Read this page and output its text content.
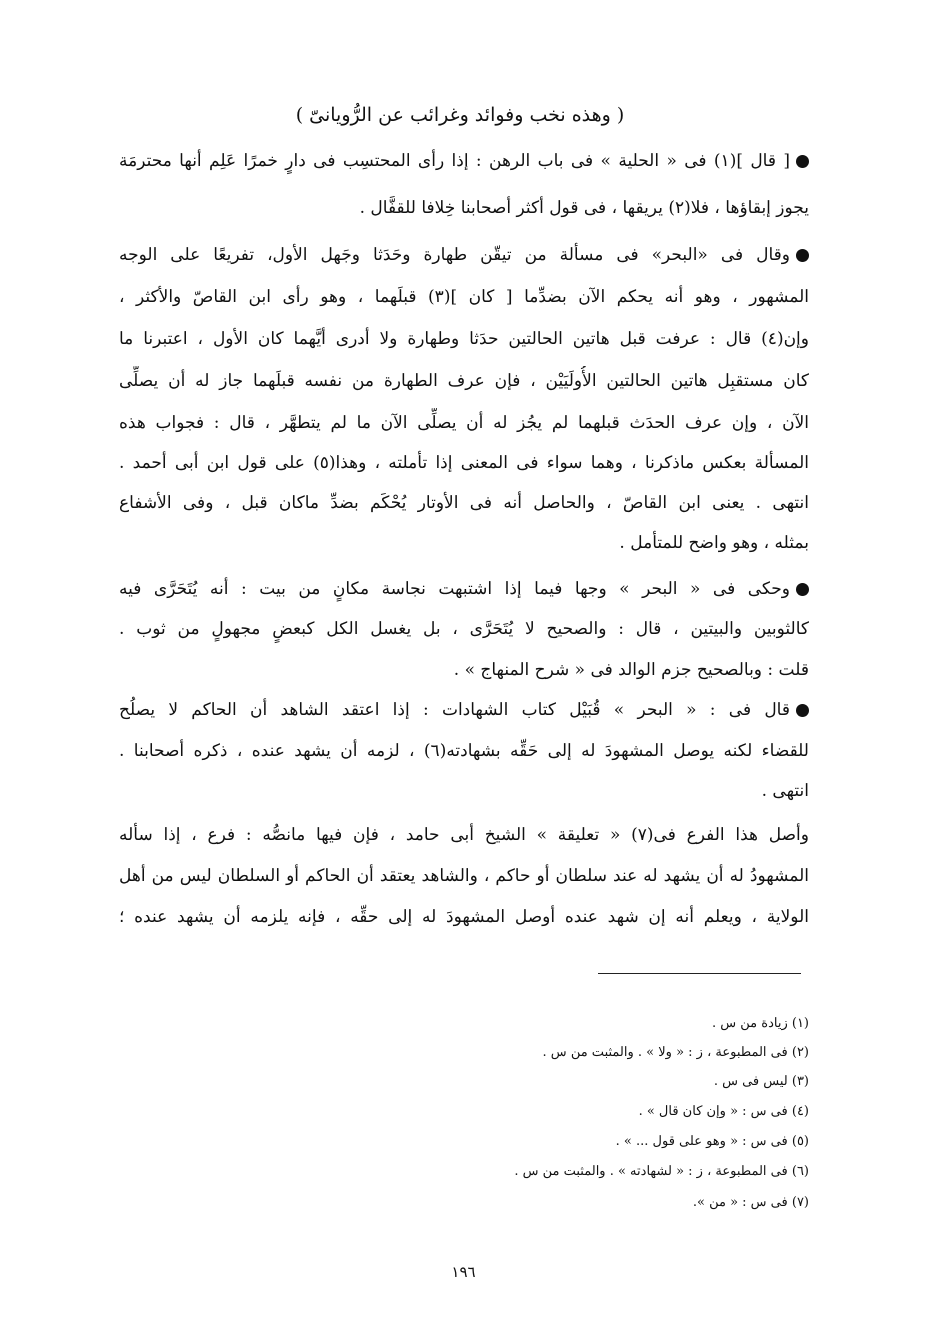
( وهذه نخب وفوائد وغرائب عن الرُّويانىّ )
[ قال ](١) فى « الحلية » فى باب الرهن : إذا رأى المحتسِب فى دارٍ خمرًا عَلِم أنها محترمَة
يجوز إبقاؤها ، فلا(٢) يريقها ، فى قول أكثر أصحابنا خِلافا للقفَّال .
وقال فى «البحر» فى مسألة من تيقّن طهارة وحَدَثا وجَهل الأول، تفريعًا على الوجه
المشهور ، وهو أنه يحكم الآن بضدِّما [ كان ](٣) قبلَهما ، وهو رأى ابن القاصّ والأكثر ،
وإن(٤) قال : عرفت قبل هاتين الحالتين حدَثا وطهارة ولا أدرى أيَّهما كان الأول ، اعتبرنا ما
كان مستقبِل هاتين الحالتين الأُولَيَيْن ، فإن عرف الطهارة من نفسه قبلَهما جاز له أن يصلِّى
الآن ، وإن عرف الحدَث قبلهما لم يجُز له أن يصلِّى الآن ما لم يتطهَّر ، قال : فجواب هذه
المسألة بعكس ماذكرنا ، وهما سواء فى المعنى إذا تأملته ، وهذا(٥) على قول ابن أبى أحمد .
انتهى . يعنى ابن القاصّ ، والحاصل أنه فى الأوتار يُحْكَم بضدِّ ماكان قبل ، وفى الأشفاع
بمثله ، وهو واضح للمتأمل .
وحكى فى « البحر » وجها فيما إذا اشتبهت نجاسة مكانٍ من بيت : أنه يُتَحَرَّى فيه
كالثوبين والبيتين ، قال : والصحيح لا يُتَحَرَّى ، بل يغسل الكل كبعضٍ مجهولٍ من ثوب .
قلت : وبالصحيح جزم الوالد فى « شرح المنهاج » .
قال فى : « البحر » قُبَيْل كتاب الشهادات : إذا اعتقد الشاهد أن الحاكم لا يصلُح
للقضاء لكنه يوصل المشهودَ له إلى حَقِّه بشهادته(٦) ، لزمه أن يشهد عنده ، ذكره أصحابنا .
انتهى .
وأصل هذا الفرع فى(٧) « تعليقة » الشيخ أبى حامد ، فإن فيها مانصُّه : فرع ، إذا سأله
المشهودُ له أن يشهد له عند سلطان أو حاكم ، والشاهد يعتقد أن الحاكم أو السلطان ليس من أهل
الولاية ، ويعلم أنه إن شهد عنده أوصل المشهودَ له إلى حقِّه ، فإنه يلزمه أن يشهد عنده ؛
(١) زيادة من س .
(٢) فى المطبوعة ، ز : « ولا » . والمثبت من س .
(٣) ليس فى س .
(٤) فى س : « وإن كان قال » .
(٥) فى س : « وهو على قول ... » .
(٦) فى المطبوعة ، ز : « لشهادته » . والمثبت من س .
(٧) فى س : « من ».
١٩٦
